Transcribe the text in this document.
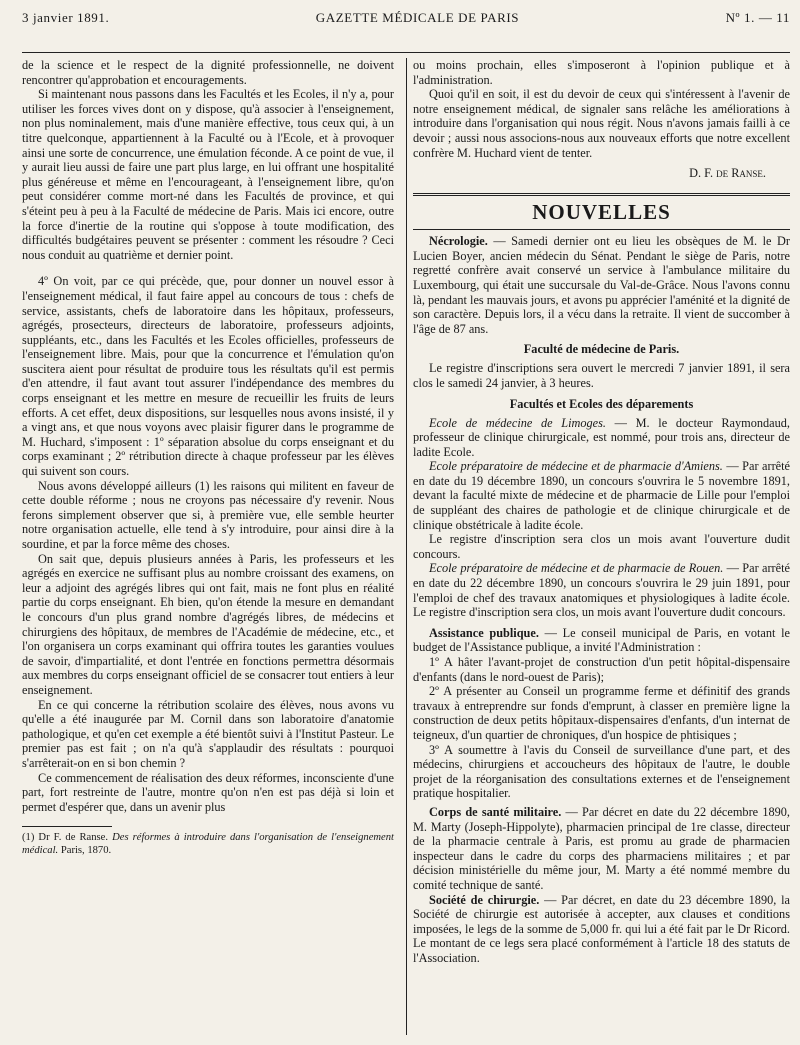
3 janvier 1891.	GAZETTE MÉDICALE DE PARIS	Nº 1. — 11

de la science et le respect de la dignité professionnelle, ne doivent rencontrer qu'approbation et encouragements.

Si maintenant nous passons dans les Facultés et les Ecoles, il n'y a, pour utiliser les forces vives dont on y dispose, qu'à associer à l'enseignement, non plus nominalement, mais d'une manière effective, tous ceux qui, à un titre quelconque, appartiennent à la Faculté ou à l'Ecole, et à provoquer ainsi une sorte de concurrence, une émulation féconde. A ce point de vue, il y aurait lieu aussi de faire une part plus large, en lui offrant une hospitalité plus généreuse et même en l'encourageant, à l'enseignement libre, qu'on peut considérer comme mort-né dans les Facultés de province, et qui s'éteint peu à peu à la Faculté de médecine de Paris. Mais ici encore, outre la force d'inertie de la routine qui s'oppose à toute modification, des difficultés budgétaires peuvent se présenter : comment les résoudre ? Ceci nous conduit au quatrième et dernier point.

4º On voit, par ce qui précède, que, pour donner un nouvel essor à l'enseignement médical, il faut faire appel au concours de tous : chefs de service, assistants, chefs de laboratoire dans les hôpitaux, professeurs, agrégés, prosecteurs, directeurs de laboratoire, professeurs adjoints, suppléants, etc., dans les Facultés et les Ecoles officielles, professeurs de l'enseignement libre. Mais, pour que la concurrence et l'émulation qu'on suscitera aient pour résultat de produire tous les résultats qu'il est permis d'en attendre, il faut avant tout assurer l'indépendance des membres du corps enseignant et les mettre en mesure de recueillir les fruits de leurs efforts. A cet effet, deux dispositions, sur lesquelles nous avons insisté, il y a vingt ans, et que nous voyons avec plaisir figurer dans le programme de M. Huchard, s'imposent : 1º séparation absolue du corps enseignant et du corps examinant ; 2º rétribution directe à chaque professeur par les élèves qui suivent son cours.

Nous avons développé ailleurs (1) les raisons qui militent en faveur de cette double réforme ; nous ne croyons pas nécessaire d'y revenir. Nous ferons simplement observer que si, à première vue, elle semble heurter notre organisation actuelle, elle tend à s'y introduire, pour ainsi dire à la sourdine, et par la force même des choses.

On sait que, depuis plusieurs années à Paris, les professeurs et les agrégés en exercice ne suffisant plus au nombre croissant des examens, on leur a adjoint des agrégés libres qui ont fait, mais ne font plus en réalité partie du corps enseignant. Eh bien, qu'on étende la mesure en demandant le concours d'un plus grand nombre d'agrégés libres, de médecins et chirurgiens des hôpitaux, de membres de l'Académie de médecine, etc., et l'on organisera un corps examinant qui offrira toutes les garanties voulues de savoir, d'impartialité, et dont l'entrée en fonctions permettra désormais aux membres du corps enseignant officiel de se consacrer tout entiers à leur enseignement.

En ce qui concerne la rétribution scolaire des élèves, nous avons vu qu'elle a été inaugurée par M. Cornil dans son laboratoire d'anatomie pathologique, et qu'en cet exemple a été bientôt suivi à l'Institut Pasteur. Le premier pas est fait ; on n'a qu'à s'applaudir des résultats : pourquoi s'arrêterait-on en si bon chemin ?

Ce commencement de réalisation des deux réformes, inconsciente d'une part, fort restreinte de l'autre, montre qu'on n'en est pas déjà si loin et permet d'espérer que, dans un avenir plus

(1) Dr F. de Ranse. Des réformes à introduire dans l'organisation de l'enseignement médical. Paris, 1870.

ou moins prochain, elles s'imposeront à l'opinion publique et à l'administration.

Quoi qu'il en soit, il est du devoir de ceux qui s'intéressent à l'avenir de notre enseignement médical, de signaler sans relâche les améliorations à introduire dans l'organisation qui nous régit. Nous n'avons jamais failli à ce devoir ; aussi nous associons-nous aux nouveaux efforts que notre excellent confrère M. Huchard vient de tenter.

D. F. de Ranse.
NOUVELLES

Nécrologie. — Samedi dernier ont eu lieu les obsèques de M. le Dr Lucien Boyer, ancien médecin du Sénat. Pendant le siège de Paris, notre regretté confrère avait conservé un service à l'ambulance militaire du Luxembourg, qui était une succursale du Val-de-Grâce. Nous l'avons connu là, pendant les mauvais jours, et avons pu apprécier l'aménité et la dignité de son caractère. Depuis lors, il a vécu dans la retraite. Il vient de succomber à l'âge de 87 ans.

Faculté de médecine de Paris.

Le registre d'inscriptions sera ouvert le mercredi 7 janvier 1891, il sera clos le samedi 24 janvier, à 3 heures.

Facultés et Ecoles des déparements

Ecole de médecine de Limoges. — M. le docteur Raymondaud, professeur de clinique chirurgicale, est nommé, pour trois ans, directeur de ladite Ecole.

Ecole préparatoire de médecine et de pharmacie d'Amiens. — Par arrêté en date du 19 décembre 1890, un concours s'ouvrira le 5 novembre 1891, devant la faculté mixte de médecine et de pharmacie de Lille pour l'emploi de suppléant des chaires de pathologie et de clinique chirurgicale et de clinique obstétricale à ladite école.

Le registre d'inscription sera clos un mois avant l'ouverture dudit concours.

Ecole préparatoire de médecine et de pharmacie de Rouen. — Par arrêté en date du 22 décembre 1890, un concours s'ouvrira le 29 juin 1891, pour l'emploi de chef des travaux anatomiques et physiologiques à ladite école. Le registre d'inscription sera clos, un mois avant l'ouverture dudit concours.

Assistance publique. — Le conseil municipal de Paris, en votant le budget de l'Assistance publique, a invité l'Administration :

1º A hâter l'avant-projet de construction d'un petit hôpital-dispensaire d'enfants (dans le nord-ouest de Paris);

2º A présenter au Conseil un programme ferme et définitif des grands travaux à entreprendre sur fonds d'emprunt, à classer en première ligne la construction de deux petits hôpitaux-dispensaires d'enfants, d'un internat de teigneux, d'un quartier de chroniques, d'un hospice de phtisiques ;

3º A soumettre à l'avis du Conseil de surveillance d'une part, et des médecins, chirurgiens et accoucheurs des hôpitaux de l'autre, le double projet de la réorganisation des consultations externes et de l'enseignement pratique hospitalier.

Corps de santé militaire. — Par décret en date du 22 décembre 1890, M. Marty (Joseph-Hippolyte), pharmacien principal de 1re classe, directeur de la pharmacie centrale à Paris, est promu au grade de pharmacien inspecteur dans le cadre du corps des pharmaciens militaires ; et par décision ministérielle du même jour, M. Marty a été nommé membre du comité technique de santé.

Société de chirurgie. — Par décret, en date du 23 décembre 1890, la Société de chirurgie est autorisée à accepter, aux clauses et conditions imposées, le legs de la somme de 5,000 fr. qui lui a été fait par le Dr Ricord. Le montant de ce legs sera placé conformément à l'article 18 des statuts de l'Association.
